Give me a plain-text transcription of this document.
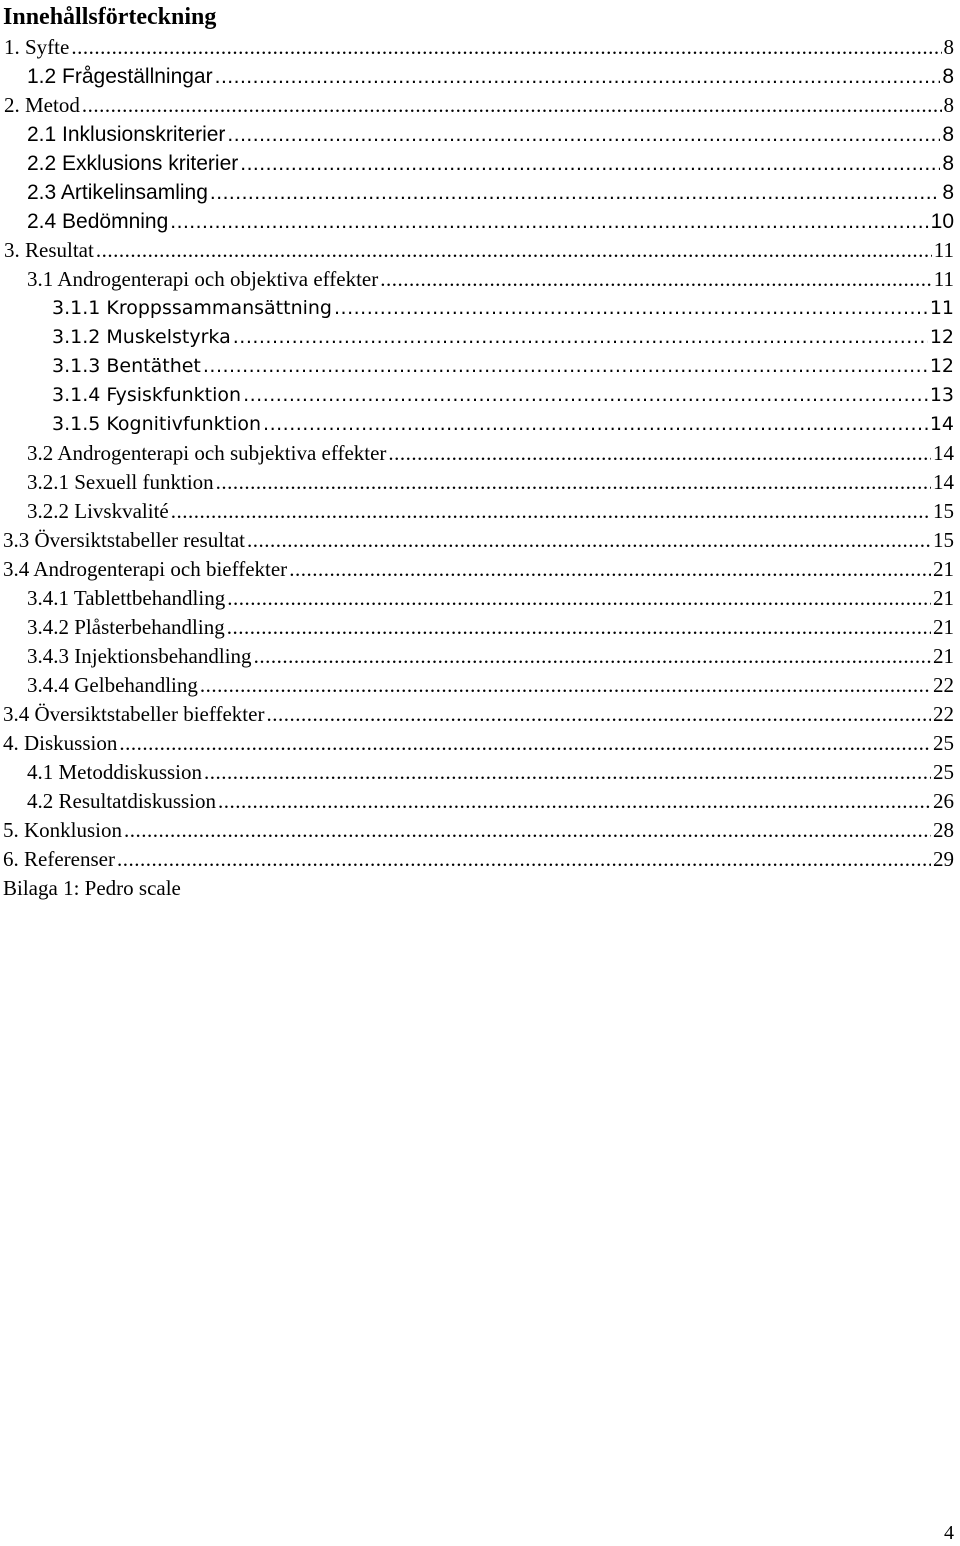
Innehållsförteckning
1. Syfte .....	8
1.2 Frågeställningar .....	8
2. Metod .....	8
2.1 Inklusionskriterier .....	8
2.2 Exklusions kriterier .....	8
2.3 Artikelinsamling .....	8
2.4 Bedömning .....	10
3. Resultat .....	11
3.1 Androgenterapi och objektiva effekter .....	11
3.1.1 Kroppssammansättning .....	11
3.1.2 Muskelstyrka .....	12
3.1.3 Bentäthet .....	12
3.1.4 Fysiskfunktion .....	13
3.1.5 Kognitivfunktion .....	14
3.2 Androgenterapi och subjektiva effekter .....	14
3.2.1 Sexuell funktion .....	14
3.2.2 Livskvalité .....	15
3.3 Översiktstabeller resultat .....	15
3.4 Androgenterapi och bieffekter .....	21
3.4.1 Tablettbehandling .....	21
3.4.2 Plåsterbehandling .....	21
3.4.3 Injektionsbehandling .....	21
3.4.4 Gelbehandling .....	22
3.4 Översiktstabeller bieffekter .....	22
4. Diskussion .....	25
4.1 Metoddiskussion .....	25
4.2 Resultatdiskussion .....	26
5. Konklusion .....	28
6. Referenser .....	29
Bilaga 1: Pedro scale
4
